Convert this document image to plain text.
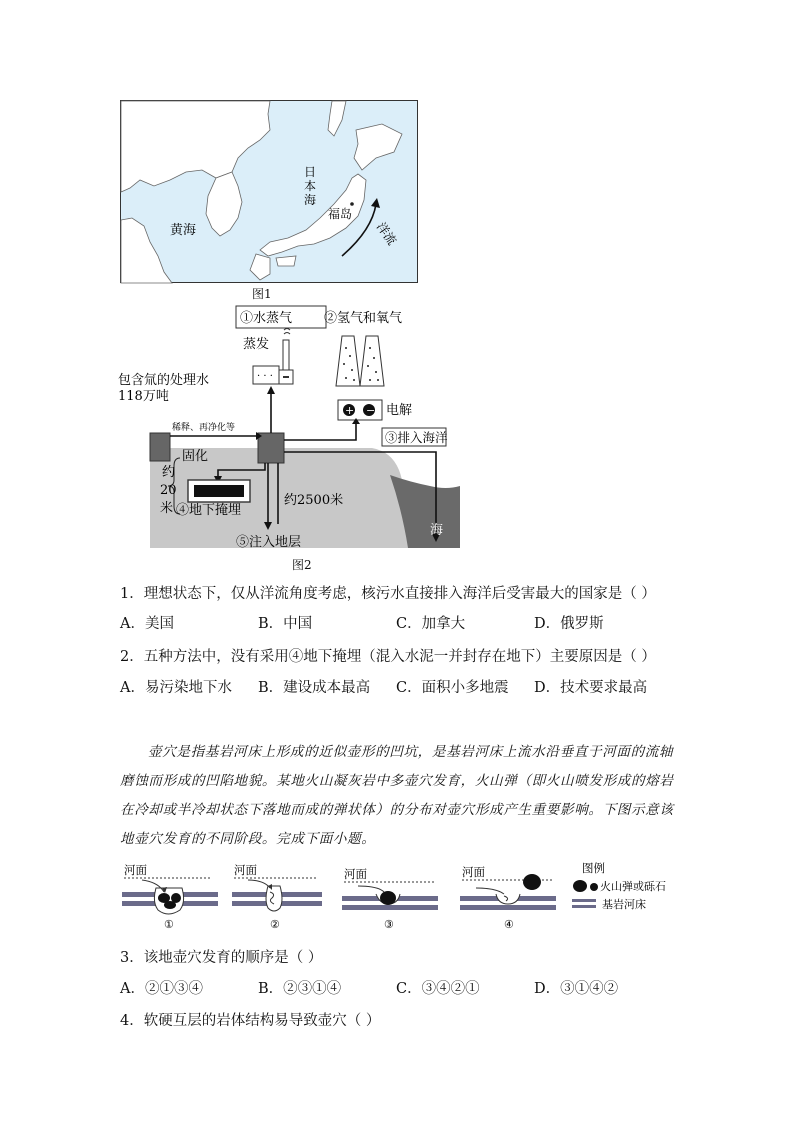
黄海
日 本 海
福岛
洋流
图1
· · ·
+ −
①水蒸气 ②氢气和氧气
蒸发
电解
包含氚的处理水
118万吨
稀释、再净化等
③排入海洋
固化
约
20
米 ④地下掩埋
约2500米
⑤注入地层
海
图2
1．理想状态下，仅从洋流角度考虑，核污水直接排入海洋后受害最大的国家是（ ）
A．美国	B．中国	C．加拿大	D．俄罗斯
2．五种方法中，没有采用④地下掩埋（混入水泥一并封存在地下）主要原因是（ ）
A．易污染地下水 B．建设成本最高 C．面积小多地震 D．技术要求最高
壶穴是指基岩河床上形成的近似壶形的凹坑，是基岩河床上流水沿垂直于河面的流轴磨蚀而形成的凹陷地貌。某地火山凝灰岩中多壶穴发育，火山弹（即火山喷发形成的熔岩在冷却或半冷却状态下落地而成的弹状体）的分布对壶穴形成产生重要影响。下图示意该地壶穴发育的不同阶段。完成下面小题。
河面
①
河面
②
河面
③
河面
④
图例
火山弹或砾石
基岩河床
3．该地壶穴发育的顺序是（ ）
A．②①③④	B．②③①④	C．③④②①	D．③①④②
4．软硬互层的岩体结构易导致壶穴（ ）
